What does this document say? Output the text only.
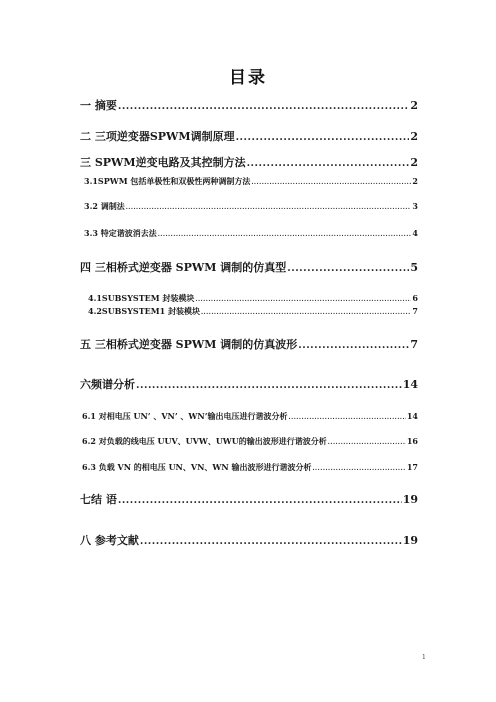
目录
一 摘要 .....	2
二 三项逆变器SPWM调制原理 .....	2
三 SPWM逆变电路及其控制方法 .....	2
3.1SPWM 包括单极性和双极性两种调制方法 .....	2
3.2 调制法 .....	3
3.3 特定谐波消去法 .....	4
四 三相桥式逆变器 SPWM 调制的仿真型 .....	5
4.1SUBSYSTEM 封装模块 .....	6
4.2SUBSYSTEM1 封装模块 .....	7
五 三相桥式逆变器 SPWM 调制的仿真波形 .....	7
六频谱分析 .....	14
6.1 对相电压 UN’ 、VN’ 、WN’输出电压进行谐波分析 .....	14
6.2 对负载的线电压 UUV、UVW、UWU的输出波形进行谐波分析 .....	16
6.3 负载 VN 的相电压 UN、VN、WN 输出波形进行谐波分析 .....	17
七结 语 .....	19
八 参考文献 .....	19
1
